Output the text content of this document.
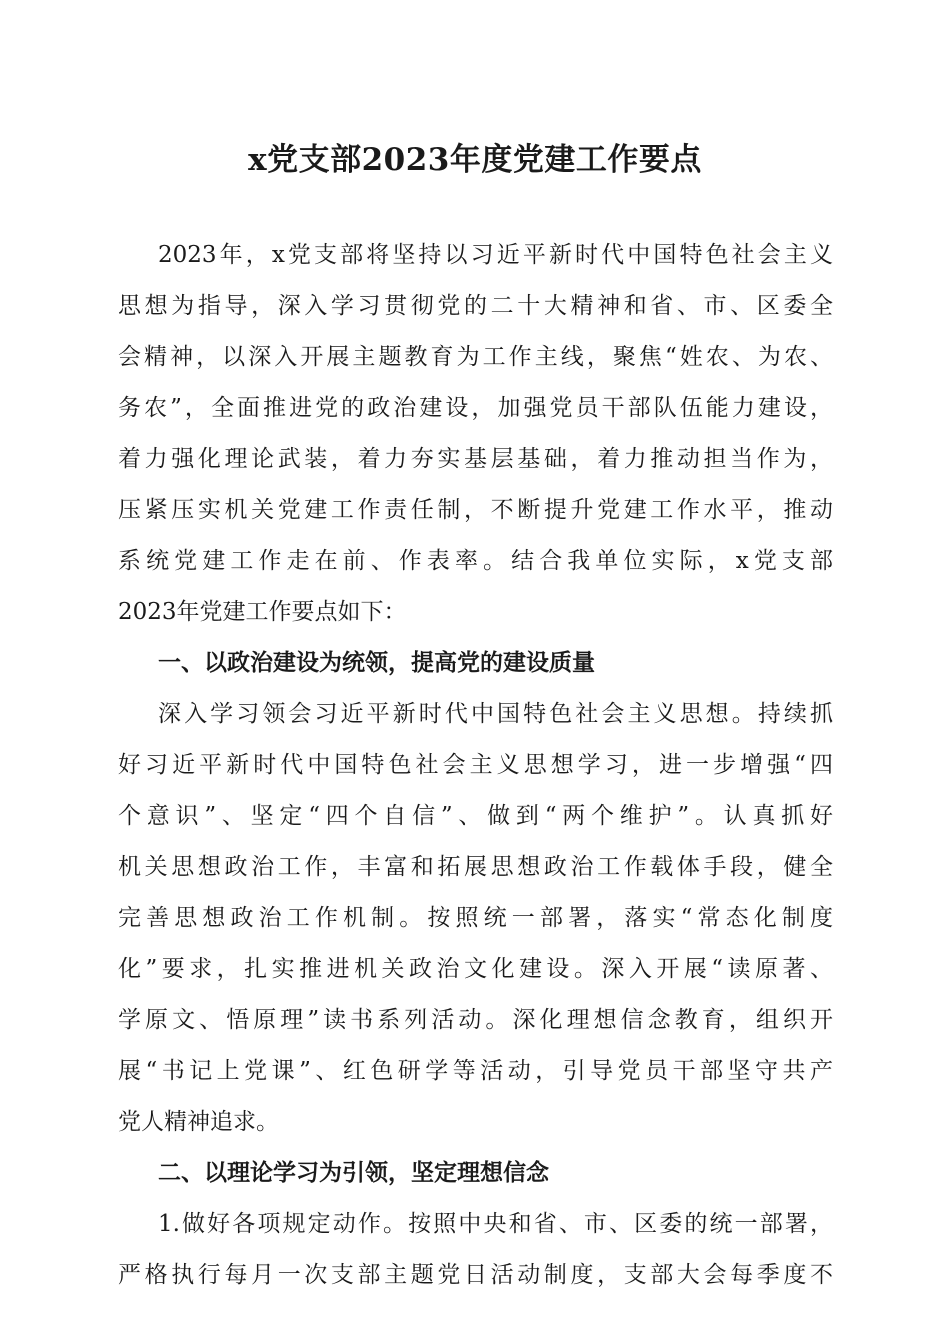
x党支部2023年度党建工作要点
2023年，x党支部将坚持以习近平新时代中国特色社会主义
思想为指导，深入学习贯彻党的二十大精神和省、市、区委全
会精神，以深入开展主题教育为工作主线，聚焦“姓农、为农、
务农”，全面推进党的政治建设，加强党员干部队伍能力建设，
着力强化理论武装，着力夯实基层基础，着力推动担当作为，
压紧压实机关党建工作责任制，不断提升党建工作水平，推动
系统党建工作走在前、作表率。结合我单位实际，x党支部
2023年党建工作要点如下：
一、以政治建设为统领，提高党的建设质量
深入学习领会习近平新时代中国特色社会主义思想。持续抓
好习近平新时代中国特色社会主义思想学习，进一步增强“四
个意识”、坚定“四个自信”、做到“两个维护”。认真抓好
机关思想政治工作，丰富和拓展思想政治工作载体手段，健全
完善思想政治工作机制。按照统一部署，落实“常态化制度
化”要求，扎实推进机关政治文化建设。深入开展“读原著、
学原文、悟原理”读书系列活动。深化理想信念教育，组织开
展“书记上党课”、红色研学等活动，引导党员干部坚守共产
党人精神追求。
二、以理论学习为引领，坚定理想信念
1.做好各项规定动作。按照中央和省、市、区委的统一部署，
严格执行每月一次支部主题党日活动制度，支部大会每季度不
